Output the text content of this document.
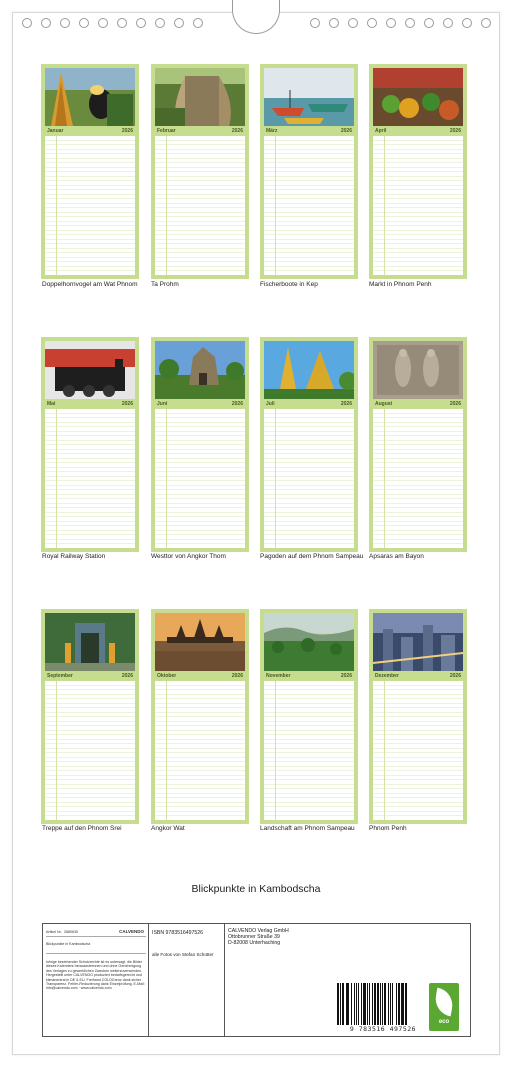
Januar	2026	Februar	2026	März	2026	April	2026
Doppelhornvogel am Wat Phnom Ta Prohm	Fischerboote in Kep	Markt in Phnom Penh
Mai	2026	Juni	2026	Juli	2026	August	2026
Royal Railway Station	Westtor von Angkor Thom	Pagoden auf dem Phnom Sampeau Apsaras am Bayon
September	2026	Oktober	2026	November	2026	Dezember	2026
Treppe auf den Phnom Srei	Angkor Wat	Landschaft am Phnom Sampeau Phnom Penh
Blickpunkte in Kambodscha
Artikel Nr. 2680635	CALVENDO
Blickpunkte in Kambodscha
Infolge bestehender Schutzrechte ist es untersagt, die Bilder dieses Kalenders herauszutrennen und ohne Genehmigung des Verlages zu gewerblichen Zwecken weiterzuverwenden. Hergestellt unter CALVENDO produziert bedarfsgerecht und klimaneutral in DE & EU. Freihand COLOGrenz dank sicher Transparenz. Fehler-Reduzierung dank Einzelprüfung. E-Mail: info@calvendo.com · www.calvendo.com
ISBN 9783516497526	CALVENDO Verlag GmbH
Ottobrunner Straße 39
D-82008 Unterhaching
alle Fotos von Stefan Schütter
9 783516 497526
eco
